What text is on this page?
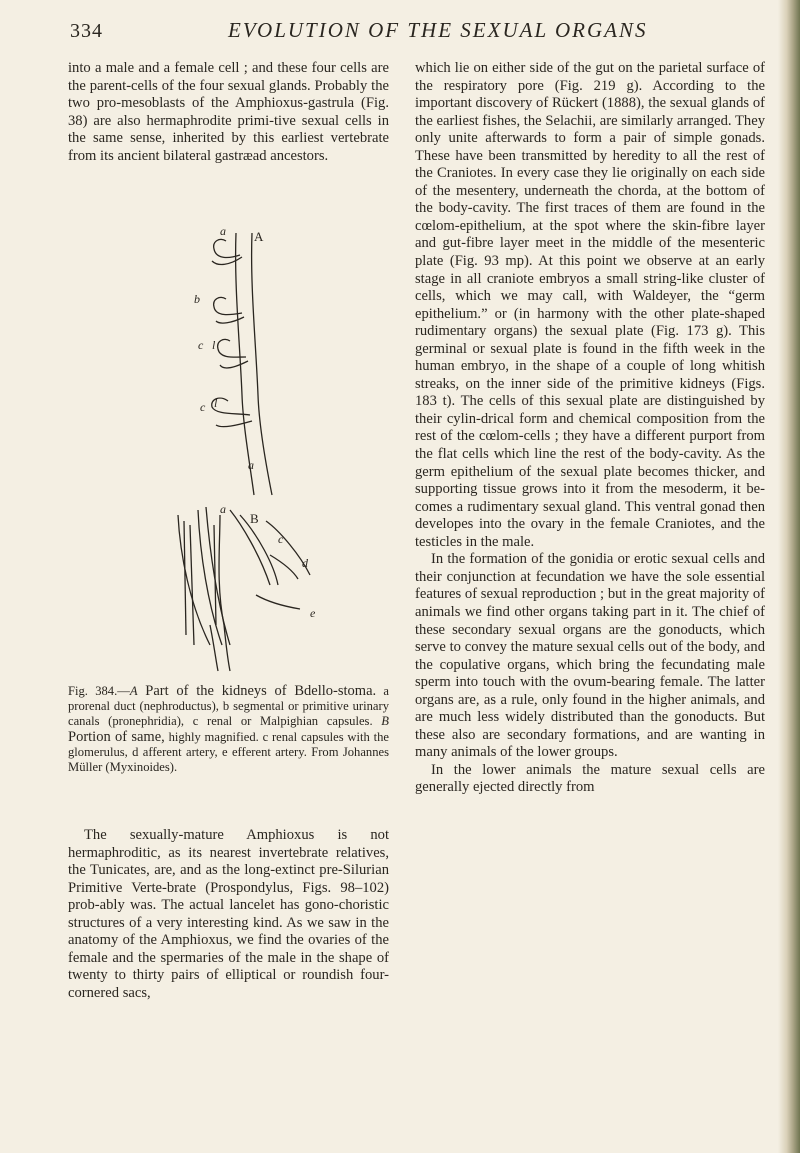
334	EVOLUTION OF THE SEXUAL ORGANS

into a male and a female cell ; and these four cells are the parent-cells of the four sexual glands. Probably the two pro-mesoblasts of the Amphioxus-gastrula (Fig. 38) are also hermaphrodite primi-tive sexual cells in the same sense, inherited by this earliest vertebrate from its ancient bilateral gastræad ancestors.

a
b
c l
c l
a
a
c
d
e
A
B
Fig. 384.—A Part of the kidneys of Bdello-stoma. a prorenal duct (nephroductus), b segmental or primitive urinary canals (pronephridia), c renal or Malpighian capsules. B Portion of same, highly magnified. c renal capsules with the glomerulus, d afferent artery, e efferent artery. From Johannes Müller (Myxinoides).

The sexually-mature Amphioxus is not hermaphroditic, as its nearest invertebrate relatives, the Tunicates, are, and as the long-extinct pre-Silurian Primitive Verte-brate (Prospondylus, Figs. 98–102) prob-ably was. The actual lancelet has gono-choristic structures of a very interesting kind. As we saw in the anatomy of the Amphioxus, we find the ovaries of the female and the spermaries of the male in the shape of twenty to thirty pairs of elliptical or roundish four-cornered sacs,

which lie on either side of the gut on the parietal surface of the respiratory pore (Fig. 219 g). According to the important discovery of Rückert (1888), the sexual glands of the earliest fishes, the Selachii, are similarly arranged. They only unite afterwards to form a pair of simple gonads. These have been transmitted by heredity to all the rest of the Craniotes. In every case they lie originally on each side of the mesentery, underneath the chorda, at the bottom of the body-cavity. The first traces of them are found in the cœlom-epithelium, at the spot where the skin-fibre layer and gut-fibre layer meet in the middle of the mesenteric plate (Fig. 93 mp). At this point we observe at an early stage in all craniote embryos a small string-like cluster of cells, which we may call, with Waldeyer, the “germ epithelium.” or (in harmony with the other plate-shaped rudimentary organs) the sexual plate (Fig. 173 g). This germinal or sexual plate is found in the fifth week in the human embryo, in the shape of a couple of long whitish streaks, on the inner side of the primitive kidneys (Figs. 183 t). The cells of this sexual plate are distinguished by their cylin-drical form and chemical composition from the rest of the cœlom-cells ; they have a different purport from the flat cells which line the rest of the body-cavity. As the germ epithelium of the sexual plate becomes thicker, and supporting tissue grows into it from the mesoderm, it be-comes a rudimentary sexual gland. This ventral gonad then developes into the ovary in the female Craniotes, and the testicles in the male.

In the formation of the gonidia or erotic sexual cells and their conjunction at fecundation we have the sole essential features of sexual reproduction ; but in the great majority of animals we find other organs taking part in it. The chief of these secondary sexual organs are the gonoducts, which serve to convey the mature sexual cells out of the body, and the copulative organs, which bring the fecundating male sperm into touch with the ovum-bearing female. The latter organs are, as a rule, only found in the higher animals, and are much less widely distributed than the gonoducts. But these also are secondary formations, and are wanting in many animals of the lower groups.

In the lower animals the mature sexual cells are generally ejected directly from
